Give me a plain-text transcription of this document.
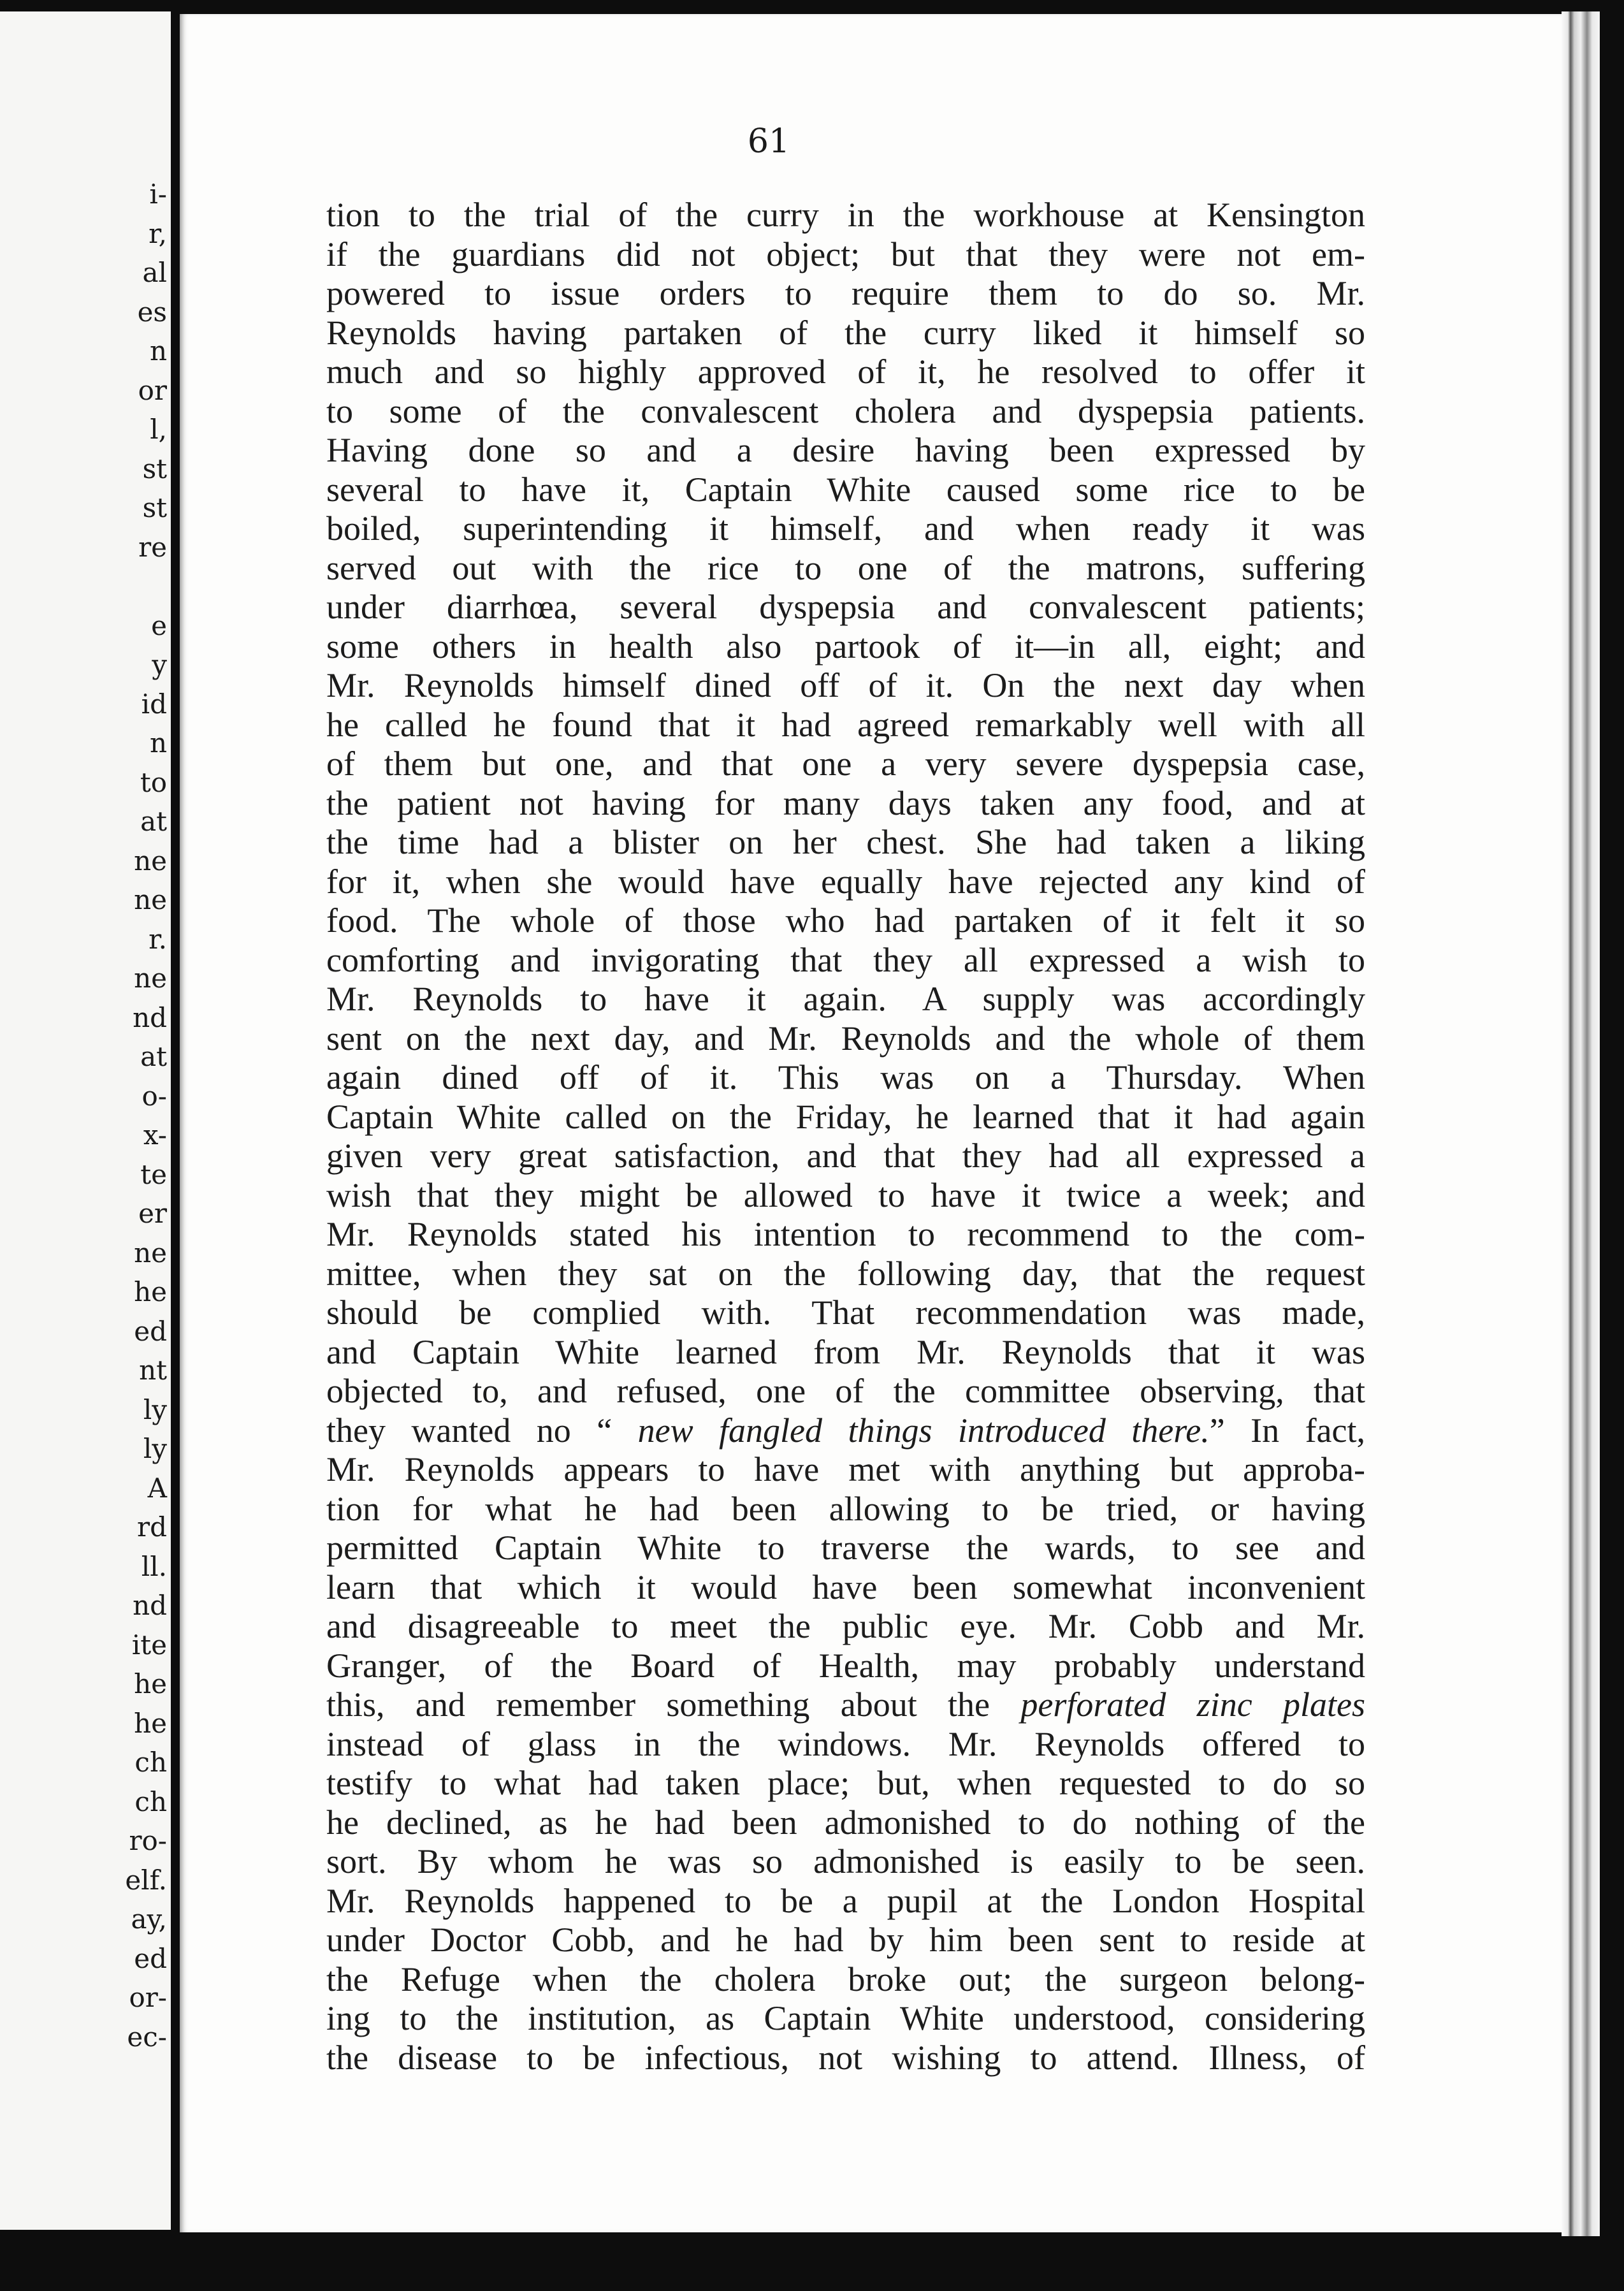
i-
r,
al
es
n
or
l,
st
st
re
e
y
id
n
to
at
ne
ne
r.
ne
nd
at
o-
x-
te
er
ne
he
ed
nt
ly
ly
A
rd
ll.
nd
ite
he
he
ch
ch
ro-
elf.
ay,
ed
or-
ec-
61
tion to the trial of the curry in the workhouse at Kensington
if the guardians did not object; but that they were not em-
powered to issue orders to require them to do so. Mr.
Reynolds having partaken of the curry liked it himself so
much and so highly approved of it, he resolved to offer it
to some of the convalescent cholera and dyspepsia patients.
Having done so and a desire having been expressed by
several to have it, Captain White caused some rice to be
boiled, superintending it himself, and when ready it was
served out with the rice to one of the matrons, suffering
under diarrhœa, several dyspepsia and convalescent patients;
some others in health also partook of it—in all, eight; and
Mr. Reynolds himself dined off of it. On the next day when
he called he found that it had agreed remarkably well with all
of them but one, and that one a very severe dyspepsia case,
the patient not having for many days taken any food, and at
the time had a blister on her chest. She had taken a liking
for it, when she would have equally have rejected any kind of
food. The whole of those who had partaken of it felt it so
comforting and invigorating that they all expressed a wish to
Mr. Reynolds to have it again. A supply was accordingly
sent on the next day, and Mr. Reynolds and the whole of them
again dined off of it. This was on a Thursday. When
Captain White called on the Friday, he learned that it had again
given very great satisfaction, and that they had all expressed a
wish that they might be allowed to have it twice a week; and
Mr. Reynolds stated his intention to recommend to the com-
mittee, when they sat on the following day, that the request
should be complied with. That recommendation was made,
and Captain White learned from Mr. Reynolds that it was
objected to, and refused, one of the committee observing, that
they wanted no “ new fangled things introduced there.” In fact,
Mr. Reynolds appears to have met with anything but approba-
tion for what he had been allowing to be tried, or having
permitted Captain White to traverse the wards, to see and
learn that which it would have been somewhat inconvenient
and disagreeable to meet the public eye. Mr. Cobb and Mr.
Granger, of the Board of Health, may probably understand
this, and remember something about the perforated zinc plates
instead of glass in the windows. Mr. Reynolds offered to
testify to what had taken place; but, when requested to do so
he declined, as he had been admonished to do nothing of the
sort. By whom he was so admonished is easily to be seen.
Mr. Reynolds happened to be a pupil at the London Hospital
under Doctor Cobb, and he had by him been sent to reside at
the Refuge when the cholera broke out; the surgeon belong-
ing to the institution, as Captain White understood, considering
the disease to be infectious, not wishing to attend. Illness, of
